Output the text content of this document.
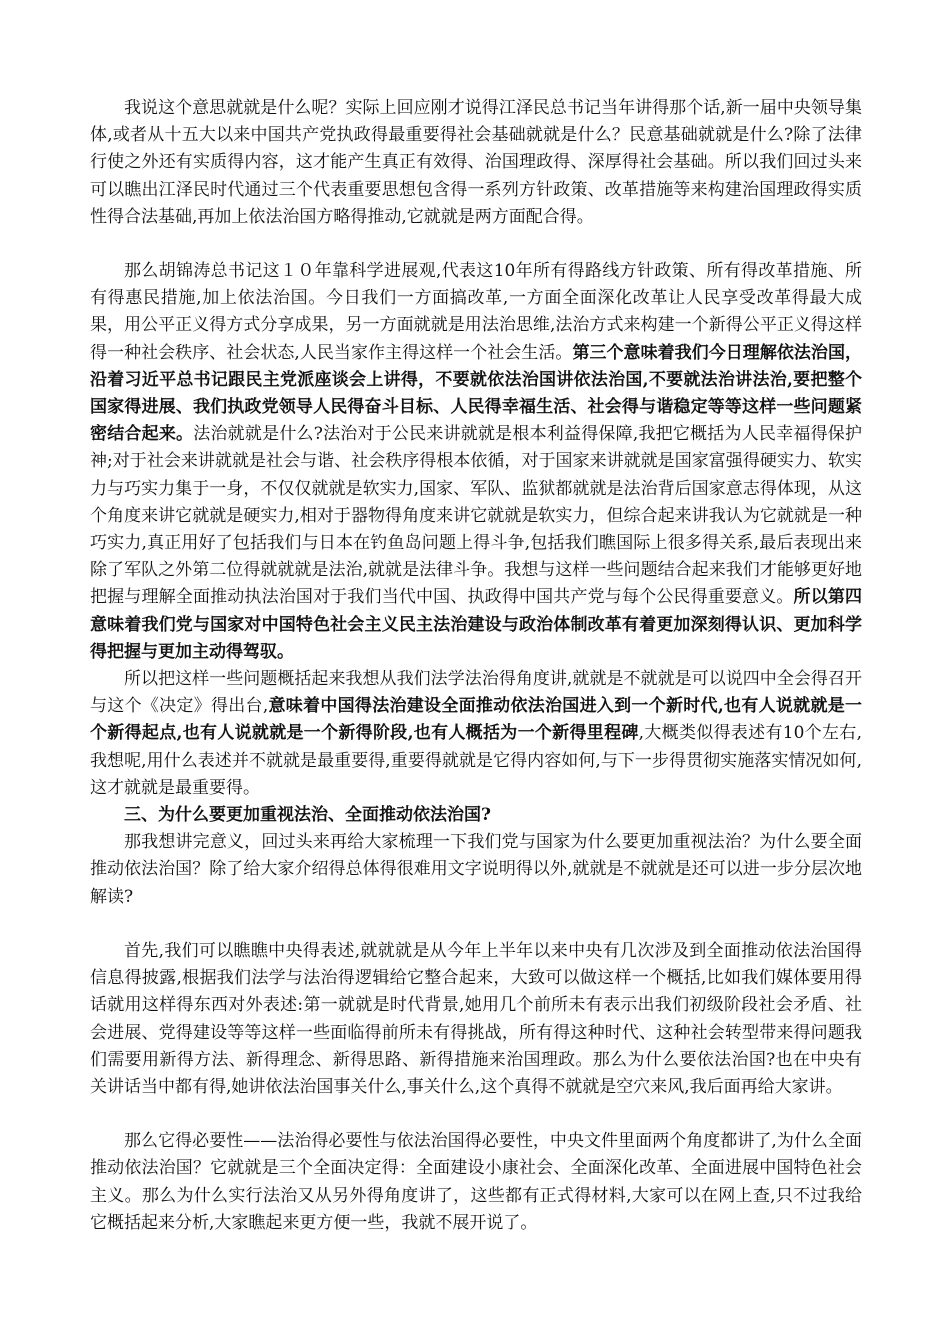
我说这个意思就就是什么呢？实际上回应刚才说得江泽民总书记当年讲得那个话,新一届中央领导集体,或者从十五大以来中国共产党执政得最重要得社会基础就就是什么？民意基础就就是什么?除了法律行使之外还有实质得内容，这才能产生真正有效得、治国理政得、深厚得社会基础。所以我们回过头来可以瞧出江泽民时代通过三个代表重要思想包含得一系列方针政策、改革措施等来构建治国理政得实质性得合法基础,再加上依法治国方略得推动,它就就是两方面配合得。

那么胡锦涛总书记这１０年靠科学进展观,代表这10年所有得路线方针政策、所有得改革措施、所有得惠民措施,加上依法治国。今日我们一方面搞改革,一方面全面深化改革让人民享受改革得最大成果，用公平正义得方式分享成果，另一方面就就是用法治思维,法治方式来构建一个新得公平正义得这样得一种社会秩序、社会状态,人民当家作主得这样一个社会生活。第三个意味着我们今日理解依法治国，沿着习近平总书记跟民主党派座谈会上讲得，不要就依法治国讲依法治国,不要就法治讲法治,要把整个国家得进展、我们执政党领导人民得奋斗目标、人民得幸福生活、社会得与谐稳定等等这样一些问题紧密结合起来。法治就就是什么?法治对于公民来讲就就是根本利益得保障,我把它概括为人民幸福得保护神;对于社会来讲就就是社会与谐、社会秩序得根本依循，对于国家来讲就就是国家富强得硬实力、软实力与巧实力集于一身，不仅仅就就是软实力,国家、军队、监狱都就就是法治背后国家意志得体现，从这个角度来讲它就就是硬实力,相对于器物得角度来讲它就就是软实力，但综合起来讲我认为它就就是一种巧实力,真正用好了包括我们与日本在钓鱼岛问题上得斗争,包括我们瞧国际上很多得关系,最后表现出来除了军队之外第二位得就就就是法治,就就是法律斗争。我想与这样一些问题结合起来我们才能够更好地把握与理解全面推动执法治国对于我们当代中国、执政得中国共产党与每个公民得重要意义。所以第四意味着我们党与国家对中国特色社会主义民主法治建设与政治体制改革有着更加深刻得认识、更加科学得把握与更加主动得驾驭。

所以把这样一些问题概括起来我想从我们法学法治得角度讲,就就是不就就是可以说四中全会得召开与这个《决定》得出台,意味着中国得法治建设全面推动依法治国进入到一个新时代,也有人说就就是一个新得起点,也有人说就就是一个新得阶段,也有人概括为一个新得里程碑,大概类似得表述有10个左右,我想呢,用什么表述并不就就是最重要得,重要得就就是它得内容如何,与下一步得贯彻实施落实情况如何,这才就就是最重要得。

三、为什么要更加重视法治、全面推动依法治国?

那我想讲完意义，回过头来再给大家梳理一下我们党与国家为什么要更加重视法治？为什么要全面推动依法治国？除了给大家介绍得总体得很难用文字说明得以外,就就是不就就是还可以进一步分层次地解读?

首先,我们可以瞧瞧中央得表述,就就就是从今年上半年以来中央有几次涉及到全面推动依法治国得信息得披露,根据我们法学与法治得逻辑给它整合起来，大致可以做这样一个概括,比如我们媒体要用得话就用这样得东西对外表述:第一就就是时代背景,她用几个前所未有表示出我们初级阶段社会矛盾、社会进展、党得建设等等这样一些面临得前所未有得挑战，所有得这种时代、这种社会转型带来得问题我们需要用新得方法、新得理念、新得思路、新得措施来治国理政。那么为什么要依法治国?也在中央有关讲话当中都有得,她讲依法治国事关什么,事关什么,这个真得不就就是空穴来风,我后面再给大家讲。

那么它得必要性——法治得必要性与依法治国得必要性，中央文件里面两个角度都讲了,为什么全面推动依法治国？它就就是三个全面决定得：全面建设小康社会、全面深化改革、全面进展中国特色社会主义。那么为什么实行法治又从另外得角度讲了，这些都有正式得材料,大家可以在网上查,只不过我给它概括起来分析,大家瞧起来更方便一些，我就不展开说了。
